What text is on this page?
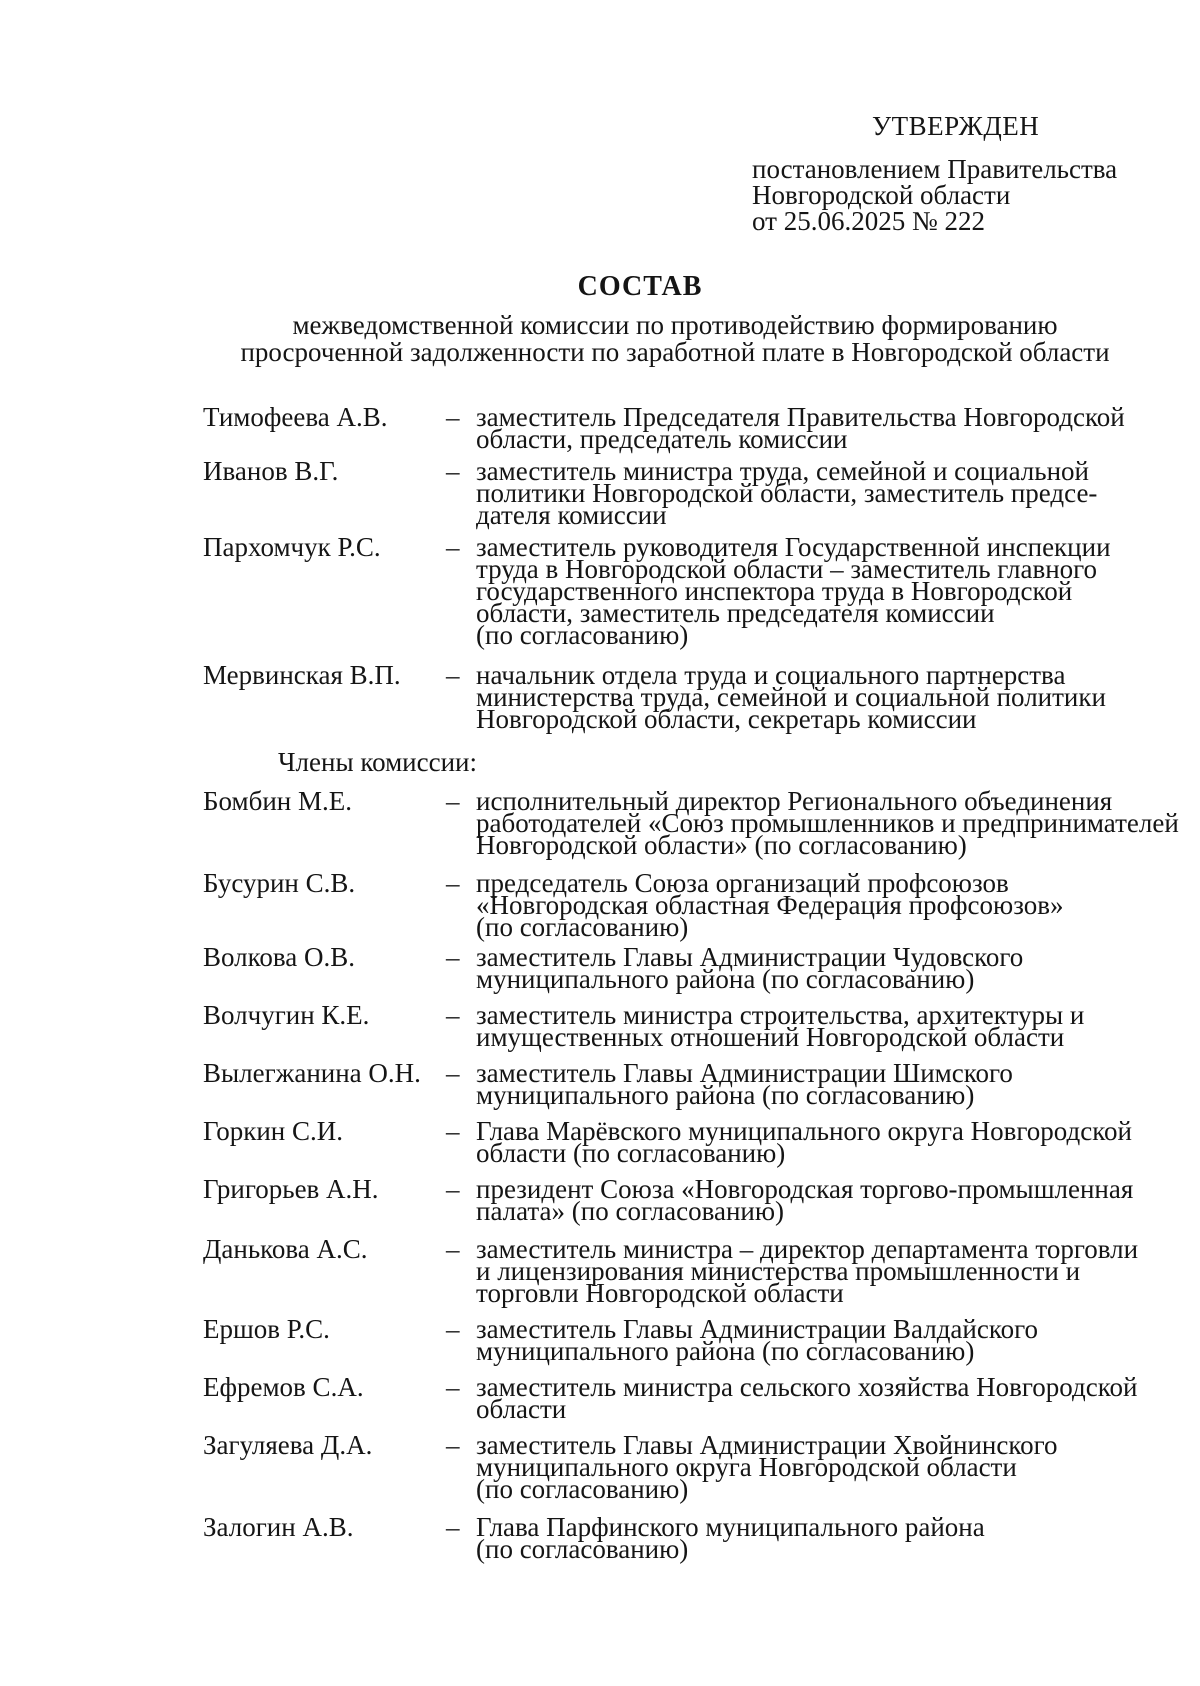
УТВЕРЖДЕН
постановлением Правительства
Новгородской области
от 25.06.2025 № 222
СОСТАВ
межведомственной комиссии по противодействию формированию
просроченной задолженности по заработной плате в Новгородской области
Тимофеева А.В. – заместитель Председателя Правительства Новгородской
области, председатель комиссии
Иванов В.Г.	– заместитель министра труда, семейной и социальной
политики Новгородской области, заместитель предсе-
дателя комиссии
Пархомчук Р.С. – заместитель руководителя Государственной инспекции
труда в Новгородской области – заместитель главного
государственного инспектора труда в Новгородской
области, заместитель председателя комиссии
(по согласованию)
Мервинская В.П. – начальник отдела труда и социального партнерства
министерства труда, семейной и социальной политики
Новгородской области, секретарь комиссии
Члены комиссии:
Бомбин М.Е.	– исполнительный директор Регионального объединения
работодателей «Союз промышленников и предпринимателей
Новгородской области» (по согласованию)
Бусурин С.В.	– председатель Союза организаций профсоюзов
«Новгородская областная Федерация профсоюзов»
(по согласованию)
Волкова О.В.	– заместитель Главы Администрации Чудовского
муниципального района (по согласованию)
Волчугин К.Е.	– заместитель министра строительства, архитектуры и
имущественных отношений Новгородской области
Вылегжанина О.Н. – заместитель Главы Администрации Шимского
муниципального района (по согласованию)
Горкин С.И.	– Глава Марёвского муниципального округа Новгородской
области (по согласованию)
Григорьев А.Н. – президент Союза «Новгородская торгово-промышленная
палата» (по согласованию)
Данькова А.С.	– заместитель министра – директор департамента торговли
и лицензирования министерства промышленности и
торговли Новгородской области
Ершов Р.С.	– заместитель Главы Администрации Валдайского
муниципального района (по согласованию)
Ефремов С.А.	– заместитель министра сельского хозяйства Новгородской
области
Загуляева Д.А.	– заместитель Главы Администрации Хвойнинского
муниципального округа Новгородской области
(по согласованию)
Залогин А.В.	– Глава Парфинского муниципального района
(по согласованию)
